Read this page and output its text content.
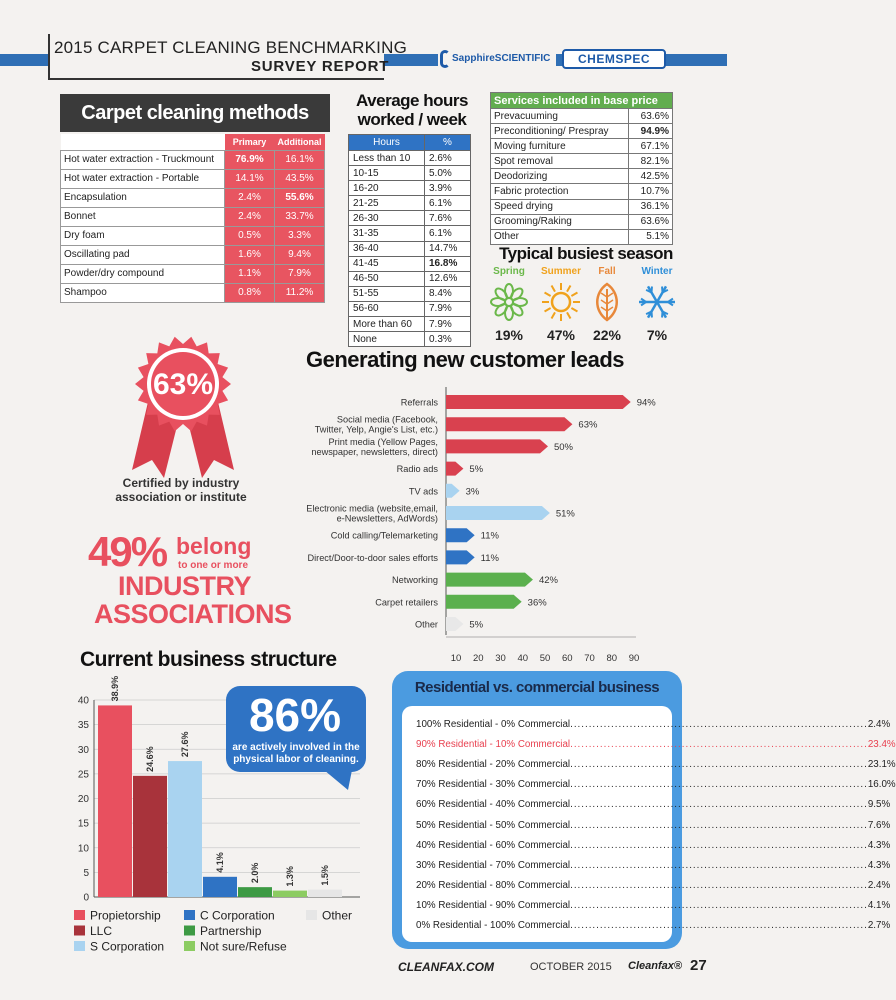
2015 CARPET CLEANING BENCHMARKING
SURVEY REPORT	SapphireSCIENTIFIC	CHEMSPEC
Carpet cleaning methods
	Primary	Additional
Hot water extraction - Truckmount	76.9%	16.1%
Hot water extraction - Portable	14.1%	43.5%
Encapsulation	2.4%	55.6%
Bonnet	2.4%	33.7%
Dry foam	0.5%	3.3%
Oscillating pad	1.6%	9.4%
Powder/dry compound	1.1%	7.9%
Shampoo	0.8%	11.2%
Average hours
worked / week
Hours	%
Less than 10	2.6%
10-15	5.0%
16-20	3.9%
21-25	6.1%
26-30	7.6%
31-35	6.1%
36-40	14.7%
41-45	16.8%
46-50	12.6%
51-55	8.4%
56-60	7.9%
More than 60	7.9%
None	0.3%
Services included in base price	
Prevacuuming	63.6%
Preconditioning/ Prespray	94.9%
Moving furniture	67.1%
Spot removal	82.1%
Deodorizing	42.5%
Fabric protection	10.7%
Speed drying	36.1%
Grooming/Raking	63.6%
Other	5.1%
Typical busiest season
Spring
19%
Summer
47%
Fall
22%
Winter
7%
63%
Certified by industry
association or institute
49% belong
to one or more
INDUSTRY
ASSOCIATIONS
Generating new customer leads
94%
Referrals
63%
Social media (Facebook,
Twitter, Yelp, Angie's List, etc.)
50%
Print media (Yellow Pages,
newspaper, newsletters, direct)
5%
Radio ads
3%
TV ads
51%
Electronic media (website,email,
e-Newsletters, AdWords)
11%
Cold calling/Telemarketing
11%
Direct/Door-to-door sales efforts
42%
Networking
36%
Carpet retailers
5%
Other
10 20 30 40 50 60 70 80 90
Current business structure
0
5
10
15
20
25
30
35
40 38.9%
24.6%
27.6%
4.1%
2.0%	1.3%	1.5%
Propietorship
LLC
S Corporation
C Corporation
Partnership
Not sure/Refuse
Other
86%
are actively involved in the physical labor of cleaning.
Residential vs. commercial business
100% Residential - 0% Commercial ................................................................................ 2.4%
90% Residential - 10% Commercial ................................................................................ 23.4%
80% Residential - 20% Commercial ................................................................................ 23.1%
70% Residential - 30% Commercial ................................................................................ 16.0%
60% Residential - 40% Commercial ................................................................................ 9.5%
50% Residential - 50% Commercial ................................................................................ 7.6%
40% Residential - 60% Commercial ................................................................................ 4.3%
30% Residential - 70% Commercial ................................................................................ 4.3%
20% Residential - 80% Commercial ................................................................................ 2.4%
10% Residential - 90% Commercial ................................................................................ 4.1%
0% Residential - 100% Commercial ................................................................................ 2.7%
CLEANFAX.COM	OCTOBER 2015 Cleanfax® 27
